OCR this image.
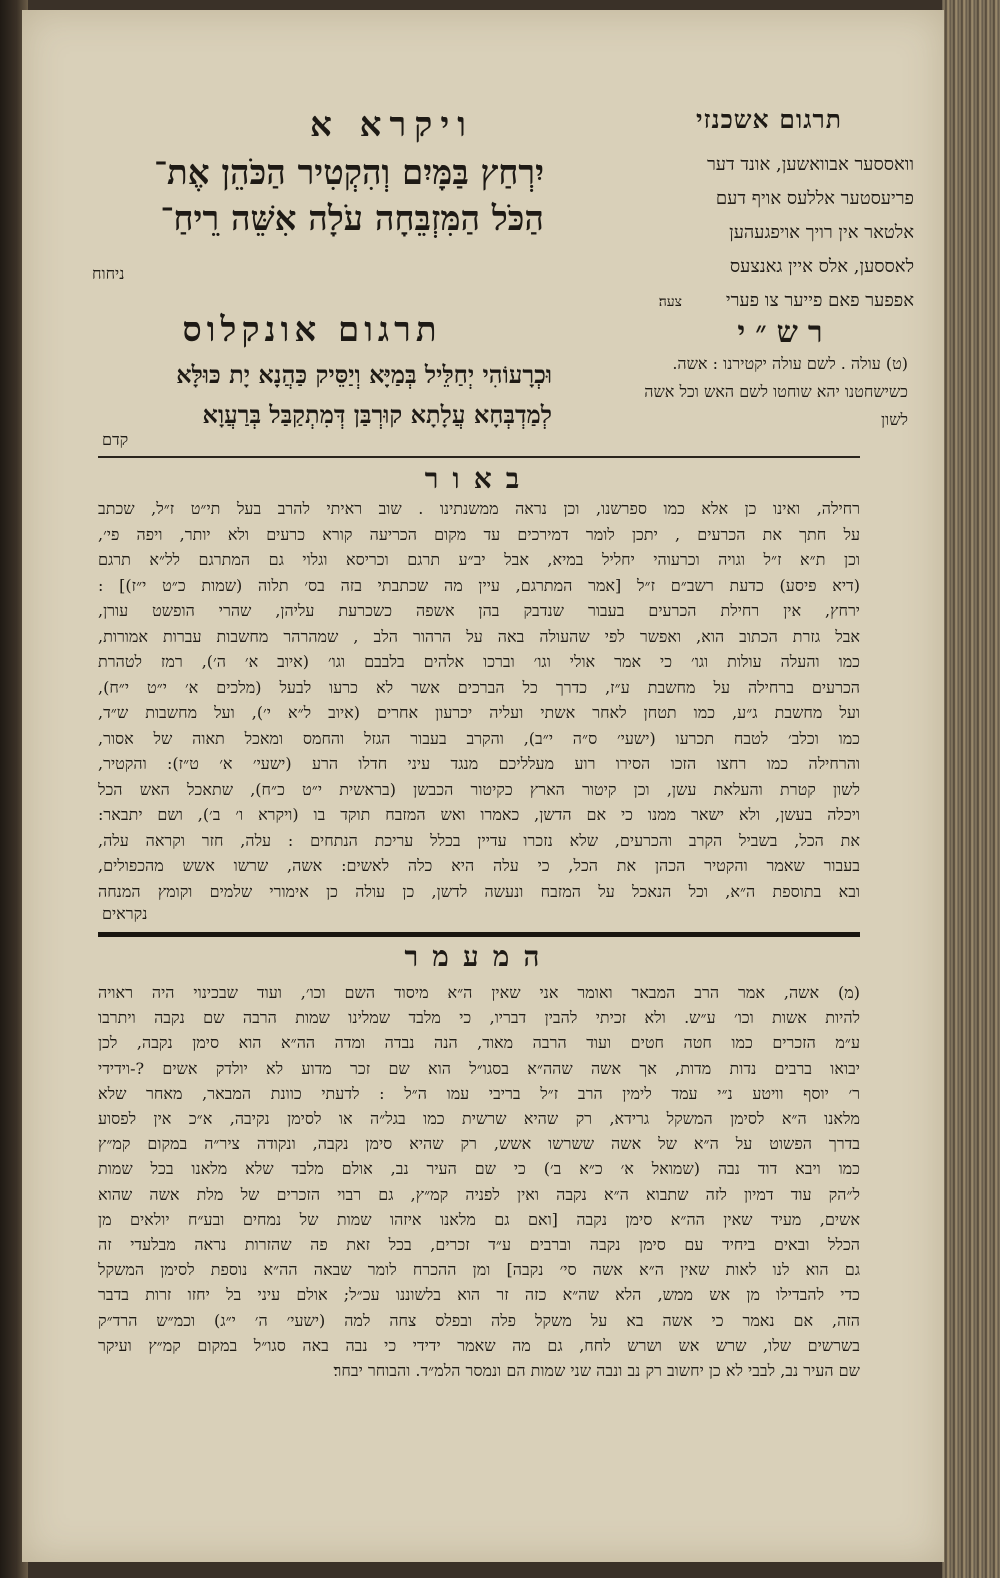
תרגום אשכנזי
ויקרא א
וואססער אבוואשען, אונד דער
פריעסטער אללעס אויף דעם
אלטאר אין רויך אויפגעהען
לאססען, אלס איין גאנצעס
אפפער פאם פייער צו פערי
צעה׃
יִרְחַץ בַּמָּיִם וְהִקְטִיר הַכֹּהֵן אֶת־
הַכֹּל הַמִּזְבֵּחָה עֹלָה אִשֵּׁה רֵיחַ־
ניחוח
רש״י
(ט) עולה . לשם עולה יקטירנו : אשה.
כשישחטנו יהא שוחטו לשם האש וכל אשה
לשון
תרגום אונקלוס
וּכְרָעוֹהִי יְחַלֵּיל בְּמַיָּא וְיַסֵּיק כַּהֲנָא יָת כּוּלָּא
לְמַדְבְּחָא עֲלָתָא קוּרְבַּן דְּמִתְקַבַּל בְּרַעֲוָא
קדם
באור
רחילה, ואינו כן אלא כמו ספרשנו, וכן נראה ממשנתינו . שוב ראיתי להרב בעל תי״ט ז״ל, שכתב
על חתך את הכרעים , יתכן לומר דמירכים עד מקום הכריעה קורא כרעים ולא יותר, ויפה פי׳,
וכן ת״א ז״ל וגויה וכרעוהי יחליל במיא, אבל יב״ע תרגם וכריסא וגלוי גם המתרגם לל״א תרגם
(דיא פיסע) כדעת רשב״ם ז״ל [אמר המתרגם, עיין מה שכתבתי בזה בס׳ תלוה (שמות כ״ט י״ז)] :
ירחץ, אין רחילת הכרעים בעבור שנדבק בהן אשפה כשכרעת עליהן, שהרי הופשט עורן,
אבל גזרת הכתוב הוא, ואפשר לפי שהעולה באה על הרהור הלב , שמהרהר מחשבות עברות אמורות,
כמו והעלה עולות וגו׳ כי אמר אולי וגו׳ וברכו אלהים בלבבם וגו׳ (איוב א׳ ה׳), רמז לטהרת
הכרעים ברחילה על מחשבת ע״ז, כדרך כל הברכים אשר לא כרעו לבעל (מלכים א׳ י״ט י״ח),
ועל מחשבת ג״ע, כמו תטחן לאחר אשתי ועליה יכרעון אחרים (איוב ל״א י׳), ועל מחשבות ש״ד,
כמו וכלב׳ לטבח תכרעו (ישעי׳ ס״ה י״ב), והקרב בעבור הגזל והחמס ומאכל תאוה של אסור,
והרחילה כמו רחצו הזכו הסירו רוע מעלליכם מנגד עיני חדלו הרע (ישעי׳ א׳ ט״ז): והקטיר,
לשון קטרת והעלאת עשן, וכן קיטור הארץ כקיטור הכבשן (בראשית י״ט כ״ח), שתאכל האש הכל
ויכלה בעשן, ולא ישאר ממנו כי אם הדשן, כאמרו ואש המזבח תוקד בו (ויקרא ו׳ ב׳), ושם יתבאר:
את הכל, בשביל הקרב והכרעים, שלא נזכרו עדיין בכלל עריכת הנתחים : עלה, חזר וקראה עלה,
בעבור שאמר והקטיר הכהן את הכל, כי עלה היא כלה לאשים: אשה, שרשו אשש מהכפולים,
ובא בתוספת ה״א, וכל הנאכל על המזבח ונעשה לדשן, כן עולה כן אימורי שלמים וקומץ המנחה
נקראים
המעמר
(מ) אשה, אמר הרב המבאר ואומר אני שאין ה״א מיסוד השם וכו׳, ועוד שבכינוי היה ראויה
להיות אשות וכו׳ ע״ש. ולא זכיתי להבין דבריו, כי מלבד שמלינו שמות הרבה שם נקבה ויתרבו
ע״מ הזכרים כמו חטה חטים ועוד הרבה מאוד, הנה נבדה ומדה הה״א הוא סימן נקבה, לכן
יבואו ברבים נדות מדות, אך אשה שהה״א בסגו״ל הוא שם זכר מדוע לא יולדק אשים ?-וידידי
ר׳ יוסף וויטע נ״י עמד לימין הרב ז״ל בריבי עמו ה״ל : לדעתי כוונת המבאר, מאחר שלא
מלאנו ה״א לסימן המשקל גרידא, רק שהיא שרשית כמו בגל״ה או לסימן נקיבה, א״כ אין לפסוע
בדרך הפשוט על ה״א של אשה ששרשו אשש, רק שהיא סימן נקבה, ונקודה ציר״ה במקום קמ״ץ
כמו ויבא דוד נבה (שמואל א׳ כ״א ב׳) כי שם העיר נב, אולם מלבד שלא מלאנו בכל שמות
ל״הק עוד דמיון לזה שתבוא ה״א נקבה ואין לפניה קמ״ץ, גם רבוי הזכרים של מלת אשה שהוא
אשים, מעיד שאין הה״א סימן נקבה [ואם גם מלאנו איזהו שמות של נמחים ובע״ח יולאים מן
הכלל ובאים ביחיד עם סימן נקבה וברבים ע״ד זכרים, בכל זאת פה שהזרות נראה מבלעדי זה
גם הוא לנו לאות שאין ה״א אשה סי׳ נקבה] ומן ההכרח לומר שבאה הה״א נוספת לסימן המשקל
כדי להבדילו מן אש ממש, הלא שה״א כזה זר הוא בלשוננו עכ״ל; אולם עיני בל יחזו זרות בדבר
הזה, אם נאמר כי אשה בא על משקל פלה ובפלס צחה למה (ישעי׳ ה׳ י״ג) וכמ״ש הרד״ק
בשרשים שלו, שרש אש ושרש לחח, גם מה שאמר ידידי כי נבה באה סגו״ל במקום קמ״ץ ועיקר
שם העיר נב, לבבי לא כן יחשוב רק נב ונבה שני שמות הם ונמסר הלמ״ד. והבוחר יבחר׃
